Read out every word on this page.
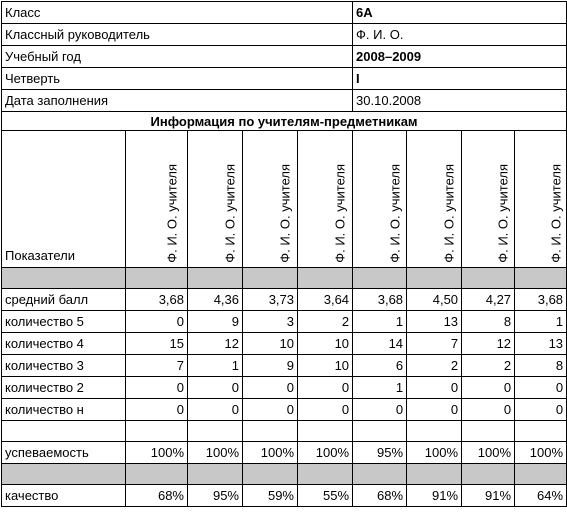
Класс					6А			
Классный руководитель					Ф. И. О.			
Учебный год					2008–2009			
Четверть					I			
Дата заполнения					30.10.2008			
Информация по учителям-предметникам								
Показатели	Ф. И. О. учителя	Ф. И. О. учителя	Ф. И. О. учителя	Ф. И. О. учителя	Ф. И. О. учителя	Ф. И. О. учителя	Ф. И. О. учителя	Ф. И. О. учителя

средний балл	3,68	4,36	3,73	3,64	3,68	4,50	4,27	3,68
количество 5	0	9	3	2	1	13	8	1
количество 4	15	12	10	10	14	7	12	13
количество 3	7	1	9	10	6	2	2	8
количество 2	0	0	0	0	1	0	0	0
количество н	0	0	0	0	0	0	0	0

успеваемость	100%	100%	100%	100%	95%	100%	100%	100%

качество	68%	95%	59%	55%	68%	91%	91%	64%
